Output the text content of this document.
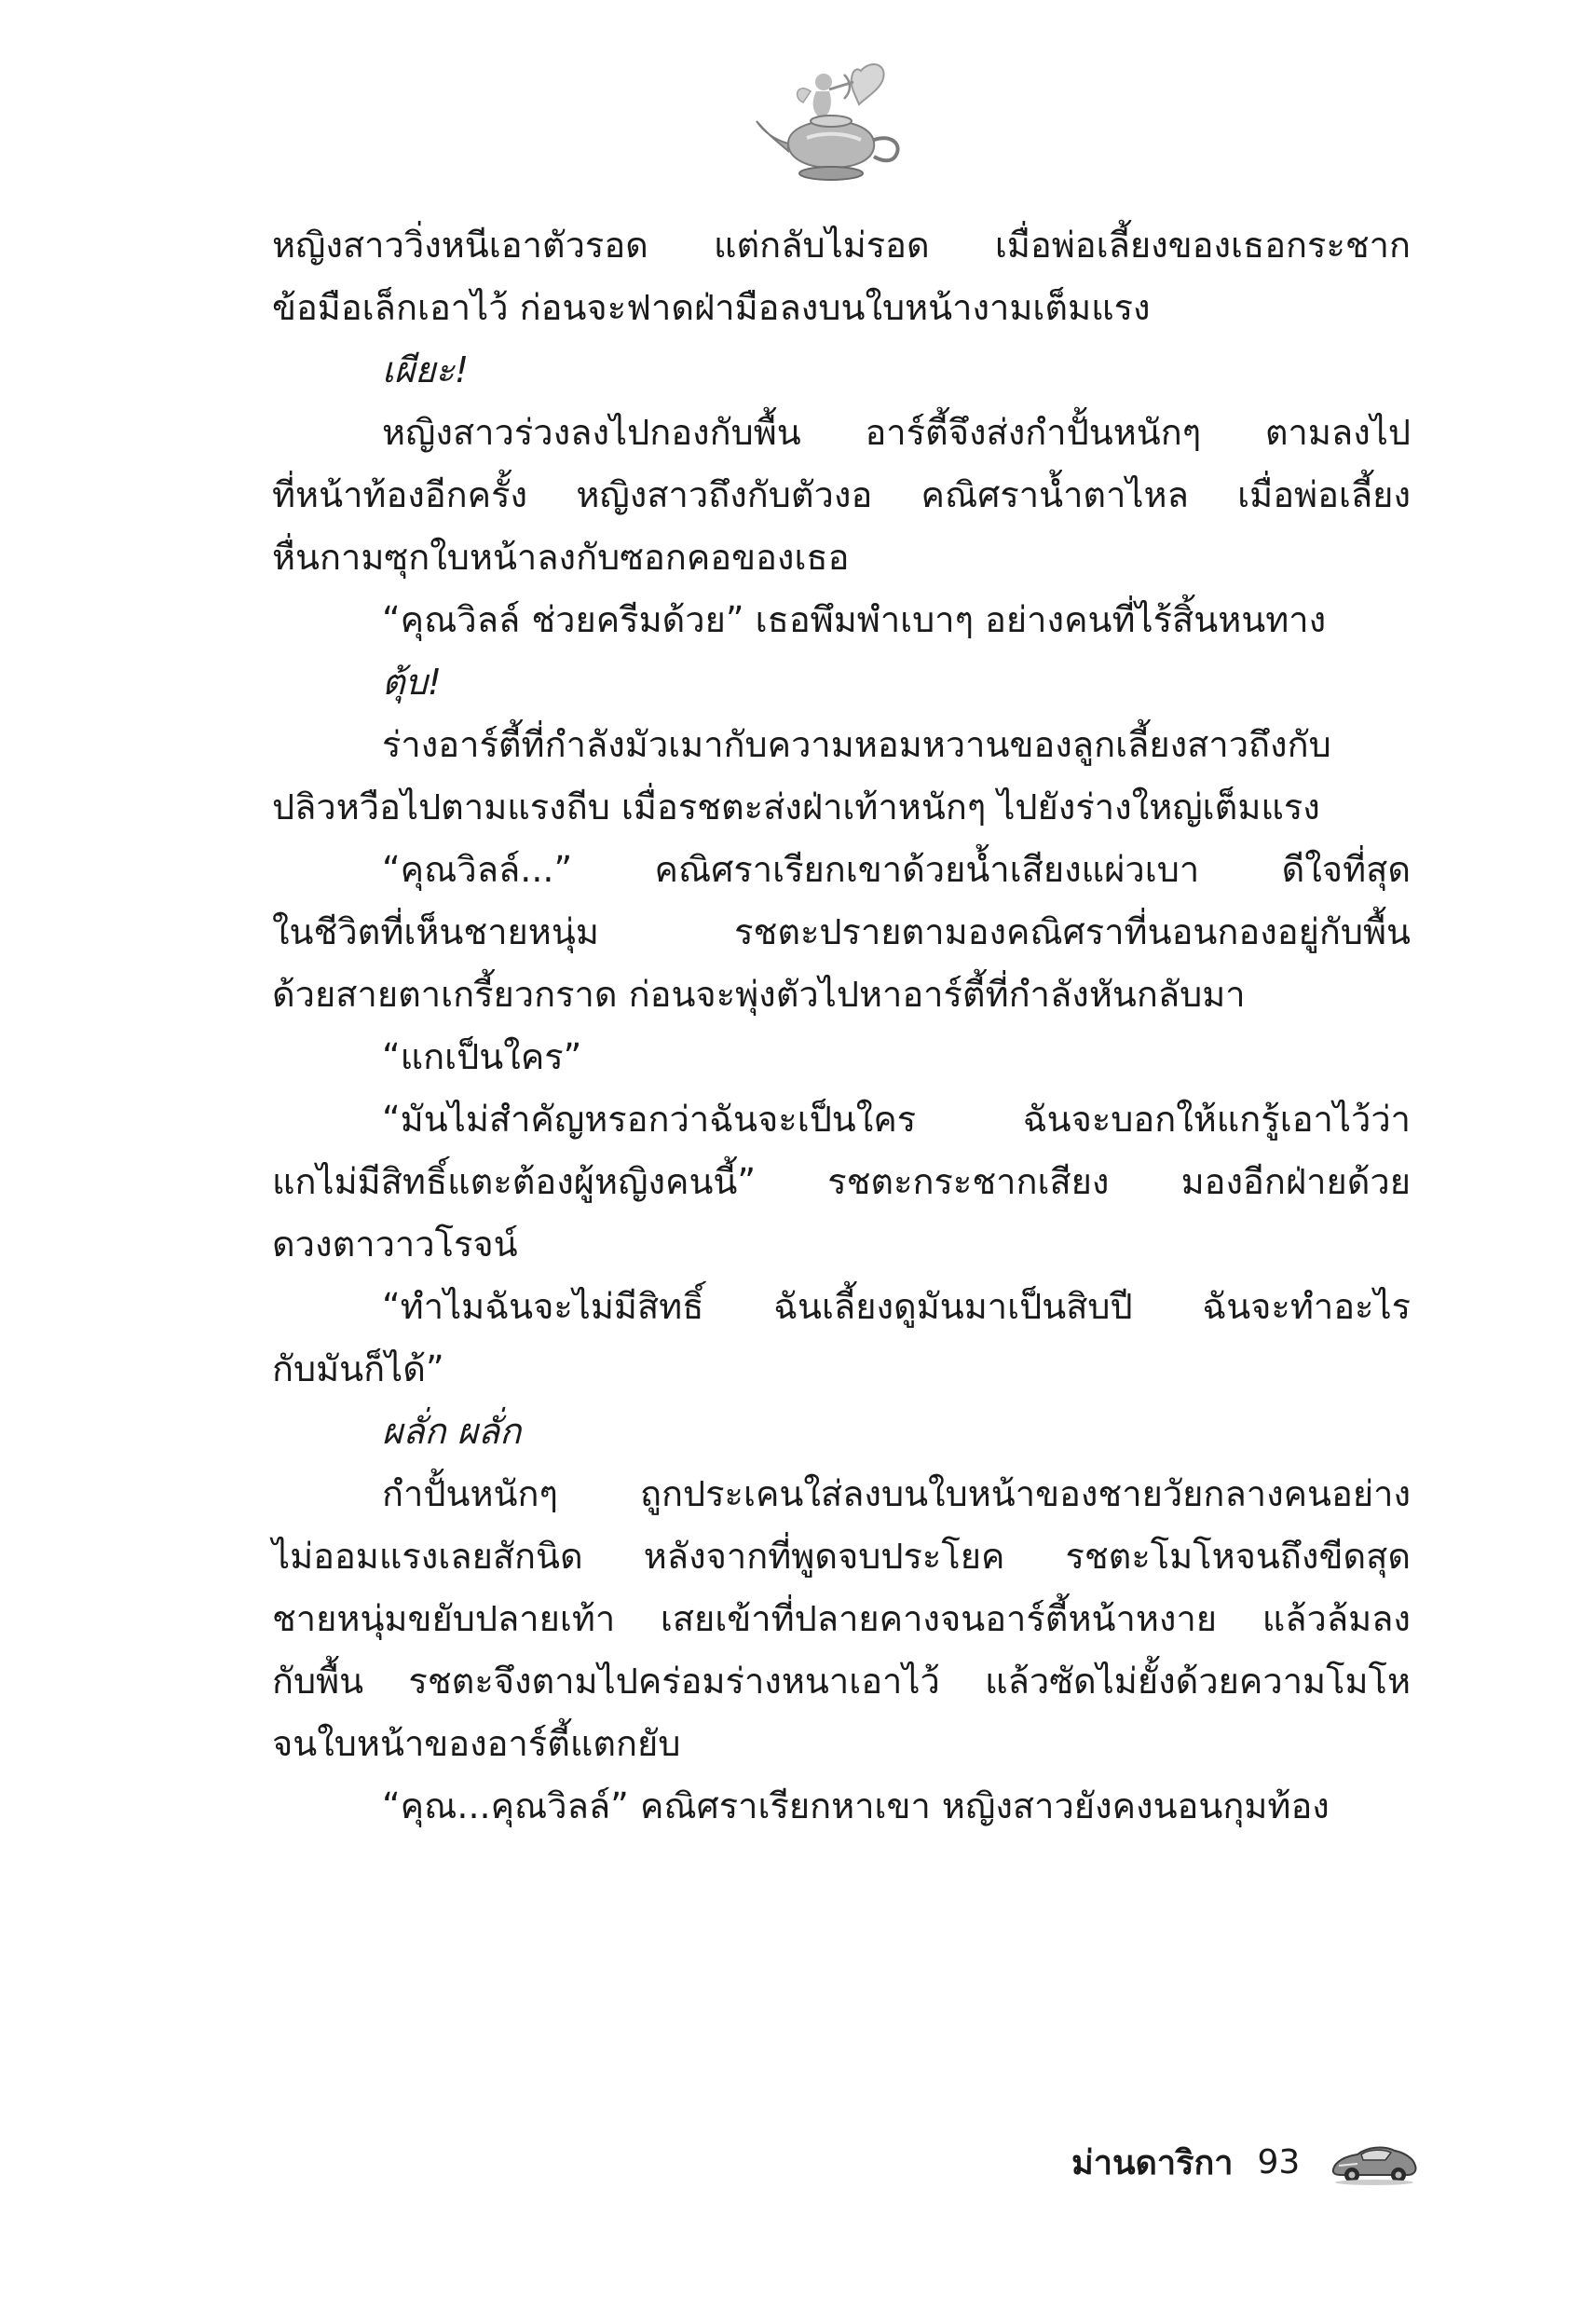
หญิงสาววิ่งหนีเอาตัวรอด แต่กลับไม่รอด เมื่อพ่อเลี้ยงของเธอกระชาก

ข้อมือเล็กเอาไว้ ก่อนจะฟาดฝ่ามือลงบนใบหน้างามเต็มแรง

เผียะ!

หญิงสาวร่วงลงไปกองกับพื้น อาร์ตี้จึงส่งกำปั้นหนักๆ ตามลงไป

ที่หน้าท้องอีกครั้ง หญิงสาวถึงกับตัวงอ คณิศราน้ำตาไหล เมื่อพ่อเลี้ยง

หื่นกามซุกใบหน้าลงกับซอกคอของเธอ

“คุณวิลล์ ช่วยครีมด้วย” เธอพึมพำเบาๆ อย่างคนที่ไร้สิ้นหนทาง

ตุ้บ!

ร่างอาร์ตี้ที่กำลังมัวเมากับความหอมหวานของลูกเลี้ยงสาวถึงกับ

ปลิวหวือไปตามแรงถีบ เมื่อรชตะส่งฝ่าเท้าหนักๆ ไปยังร่างใหญ่เต็มแรง

“คุณวิลล์...” คณิศราเรียกเขาด้วยน้ำเสียงแผ่วเบา ดีใจที่สุด

ในชีวิตที่เห็นชายหนุ่ม รชตะปรายตามองคณิศราที่นอนกองอยู่กับพื้น

ด้วยสายตาเกรี้ยวกราด ก่อนจะพุ่งตัวไปหาอาร์ตี้ที่กำลังหันกลับมา

“แกเป็นใคร”

“มันไม่สำคัญหรอกว่าฉันจะเป็นใคร ฉันจะบอกให้แกรู้เอาไว้ว่า

แกไม่มีสิทธิ์แตะต้องผู้หญิงคนนี้” รชตะกระชากเสียง มองอีกฝ่ายด้วย

ดวงตาวาวโรจน์

“ทำไมฉันจะไม่มีสิทธิ์ ฉันเลี้ยงดูมันมาเป็นสิบปี ฉันจะทำอะไร

กับมันก็ได้”

ผลั่ก ผลั่ก

กำปั้นหนักๆ ถูกประเคนใส่ลงบนใบหน้าของชายวัยกลางคนอย่าง

ไม่ออมแรงเลยสักนิด หลังจากที่พูดจบประโยค รชตะโมโหจนถึงขีดสุด

ชายหนุ่มขยับปลายเท้า เสยเข้าที่ปลายคางจนอาร์ตี้หน้าหงาย แล้วล้มลง

กับพื้น รชตะจึงตามไปคร่อมร่างหนาเอาไว้ แล้วซัดไม่ยั้งด้วยความโมโห

จนใบหน้าของอาร์ตี้แตกยับ

“คุณ...คุณวิลล์” คณิศราเรียกหาเขา หญิงสาวยังคงนอนกุมท้อง

ม่านดาริกา 93
